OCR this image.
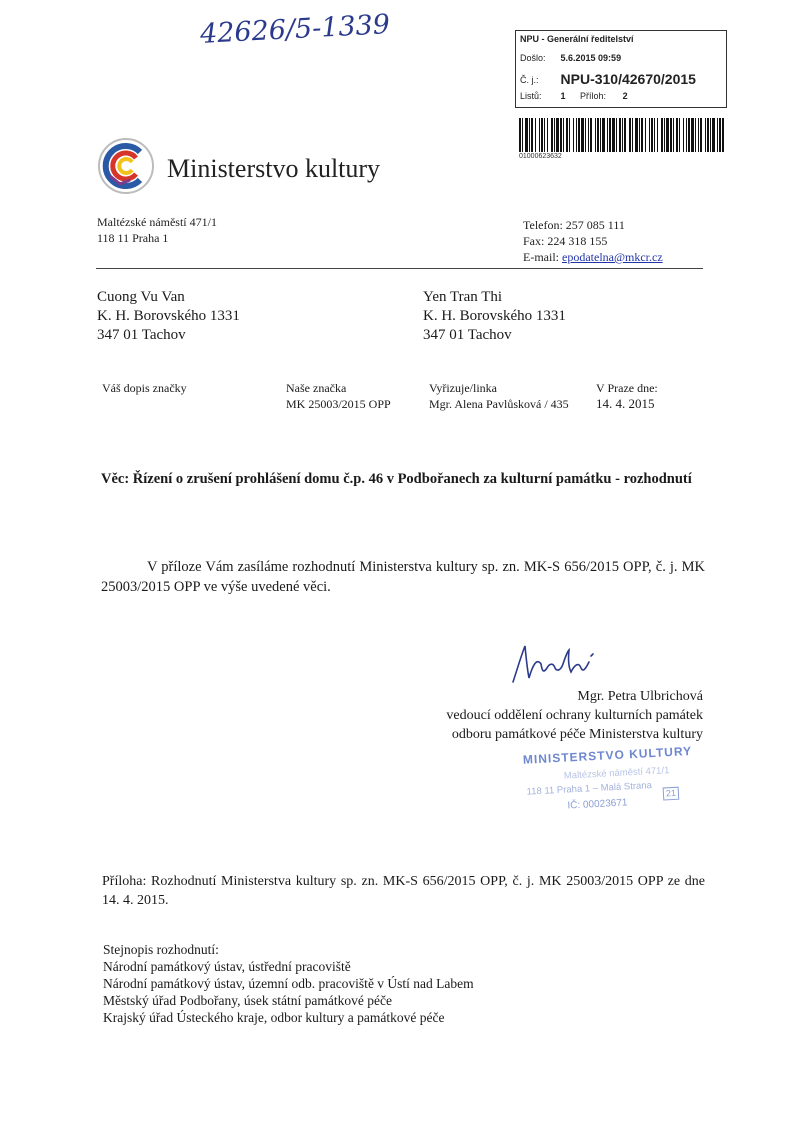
42626/5-1339	NPU - Generální ředitelství
Došlo: 5.6.2015 09:59
Č. j.: NPU-310/42670/2015
Listů: 1 Příloh: 2
01000623632
Ministerstvo kultury
Maltézské náměstí 471/1
118 11 Praha 1
Telefon: 257 085 111
Fax: 224 318 155
E-mail: epodatelna@mkcr.cz
Cuong Vu Van
K. H. Borovského 1331
347 01 Tachov
Yen Tran Thi
K. H. Borovského 1331
347 01 Tachov
Váš dopis značky	Naše značka
MK 25003/2015 OPP
Vyřizuje/linka
Mgr. Alena Pavlůsková / 435
V Praze dne:
14. 4. 2015
Věc: Řízení o zrušení prohlášení domu č.p. 46 v Podbořanech za kulturní památku - rozhodnutí
V příloze Vám zasíláme rozhodnutí Ministerstva kultury sp. zn. MK-S 656/2015 OPP, č. j. MK 25003/2015 OPP ve výše uvedené věci.
Mgr. Petra Ulbrichová
vedoucí oddělení ochrany kulturních památek
odboru památkové péče Ministerstva kultury
MINISTERSTVO KULTURY
Maltézské náměstí 471/1
118 11 Praha 1 – Malá Strana
IČ: 00023671
21
Příloha: Rozhodnutí Ministerstva kultury sp. zn. MK-S 656/2015 OPP, č. j. MK 25003/2015 OPP ze dne 14. 4. 2015.
Stejnopis rozhodnutí:
Národní památkový ústav, ústřední pracoviště
Národní památkový ústav, územní odb. pracoviště v Ústí nad Labem
Městský úřad Podbořany, úsek státní památkové péče
Krajský úřad Ústeckého kraje, odbor kultury a památkové péče
